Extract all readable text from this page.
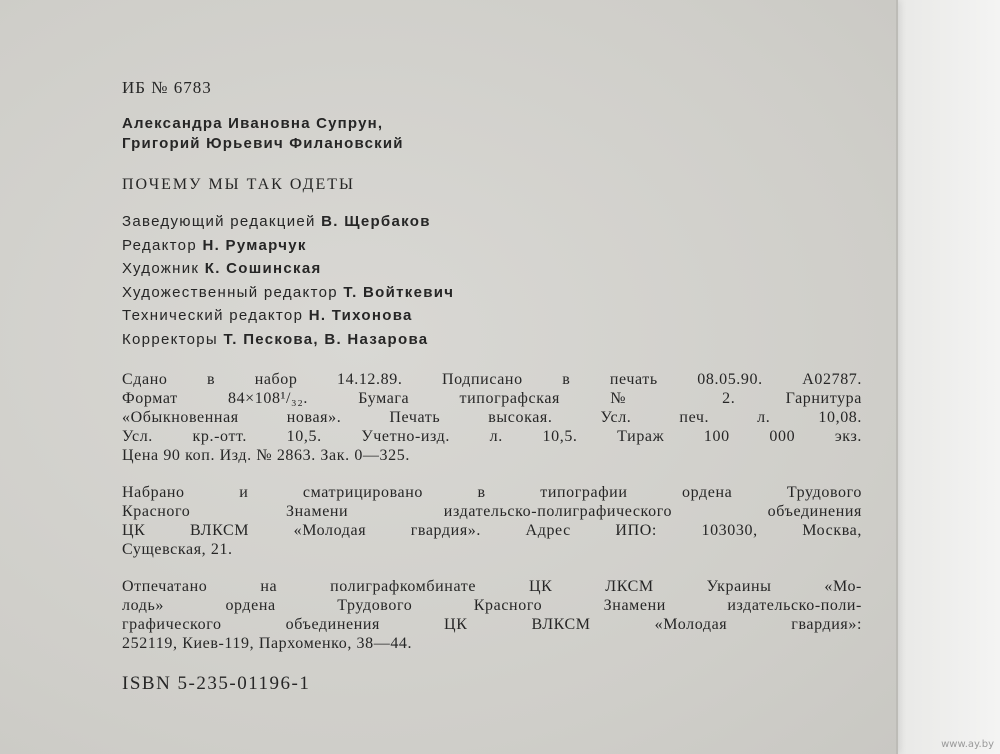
ИБ № 6783
Александра Ивановна Супрун,
Григорий Юрьевич Филановский
ПОЧЕМУ МЫ ТАК ОДЕТЫ
Заведующий редакцией В. Щербаков
Редактор Н. Румарчук
Художник К. Сошинская
Художественный редактор Т. Войткевич
Технический редактор Н. Тихонова
Корректоры Т. Пескова, В. Назарова
Сдано в набор 14.12.89. Подписано в печать 08.05.90. А02787.
Формат 84×108¹/₃₂. Бумага типографская № 2. Гарнитура
«Обыкновенная новая». Печать высокая. Усл. печ. л. 10,08.
Усл. кр.-отт. 10,5. Учетно-изд. л. 10,5. Тираж 100 000 экз.
Цена 90 коп. Изд. № 2863. Зак. 0—325.
Набрано и сматрицировано в типографии ордена Трудового
Красного Знамени издательско-полиграфического объединения
ЦК ВЛКСМ «Молодая гвардия». Адрес ИПО: 103030, Москва,
Сущевская, 21.
Отпечатано на полиграфкомбинате ЦК ЛКСМ Украины «Мо-
лодь» ордена Трудового Красного Знамени издательско-поли-
графического объединения ЦК ВЛКСМ «Молодая гвардия»:
252119, Киев-119, Пархоменко, 38—44.
ISBN 5-235-01196-1
www.ay.by
